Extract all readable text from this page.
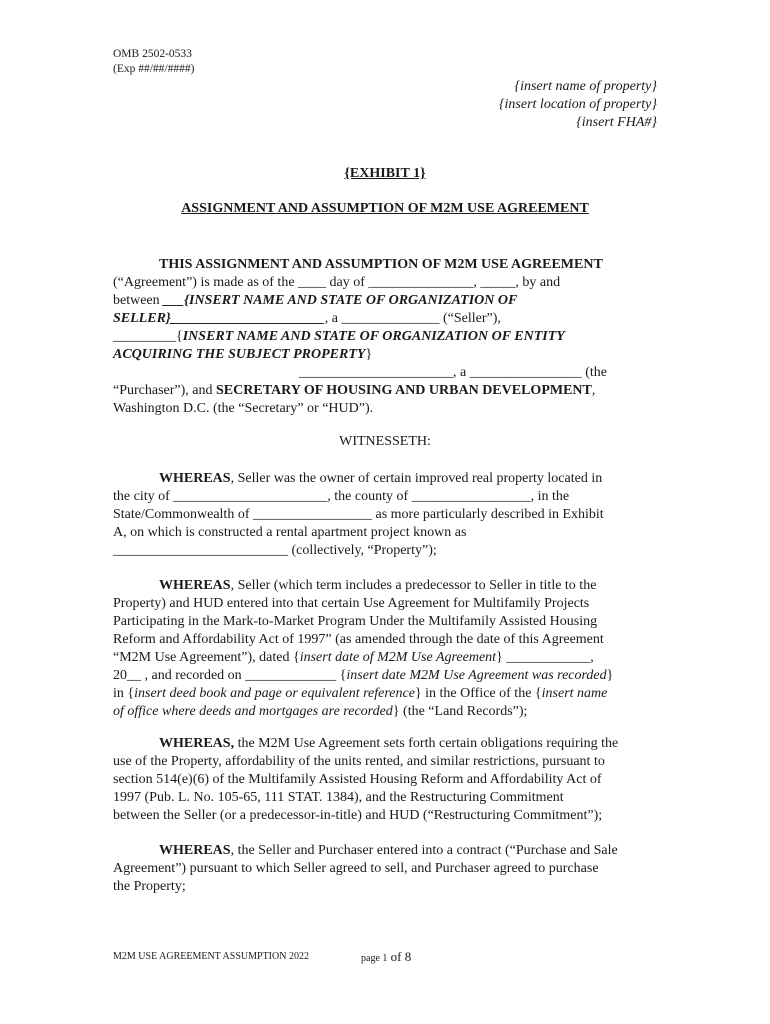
OMB 2502-0533
(Exp ##/##/####)
{insert name of property}
{insert location of property}
{insert FHA#}
{EXHIBIT 1}
ASSIGNMENT AND ASSUMPTION OF M2M USE AGREEMENT
THIS ASSIGNMENT AND ASSUMPTION OF M2M USE AGREEMENT
(“Agreement”) is made as of the ____ day of _______________, _____, by and
between ___{INSERT NAME AND STATE OF ORGANIZATION OF
SELLER}______________________, a ______________ (“Seller”),
_________{INSERT NAME AND STATE OF ORGANIZATION OF ENTITY
ACQUIRING THE SUBJECT PROPERTY}
______________________, a ________________ (the
“Purchaser”), and SECRETARY OF HOUSING AND URBAN DEVELOPMENT,
Washington D.C. (the “Secretary” or “HUD”).
WITNESSETH:
WHEREAS, Seller was the owner of certain improved real property located in
the city of ______________________, the county of _________________, in the
State/Commonwealth of _________________ as more particularly described in Exhibit
A, on which is constructed a rental apartment project known as
_________________________ (collectively, “Property”);
WHEREAS, Seller (which term includes a predecessor to Seller in title to the
Property) and HUD entered into that certain Use Agreement for Multifamily Projects
Participating in the Mark-to-Market Program Under the Multifamily Assisted Housing
Reform and Affordability Act of 1997” (as amended through the date of this Agreement
“M2M Use Agreement”), dated {insert date of M2M Use Agreement} ____________,
20__ , and recorded on _____________ {insert date M2M Use Agreement was recorded}
in {insert deed book and page or equivalent reference} in the Office of the {insert name
of office where deeds and mortgages are recorded} (the “Land Records”);
WHEREAS, the M2M Use Agreement sets forth certain obligations requiring the
use of the Property, affordability of the units rented, and similar restrictions, pursuant to
section 514(e)(6) of the Multifamily Assisted Housing Reform and Affordability Act of
1997 (Pub. L. No. 105-65, 111 STAT. 1384), and the Restructuring Commitment
between the Seller (or a predecessor-in-title) and HUD (“Restructuring Commitment”);
WHEREAS, the Seller and Purchaser entered into a contract (“Purchase and Sale
Agreement”) pursuant to which Seller agreed to sell, and Purchaser agreed to purchase
the Property;
M2M USE AGREEMENT ASSUMPTION 2022	page 1 of 8
